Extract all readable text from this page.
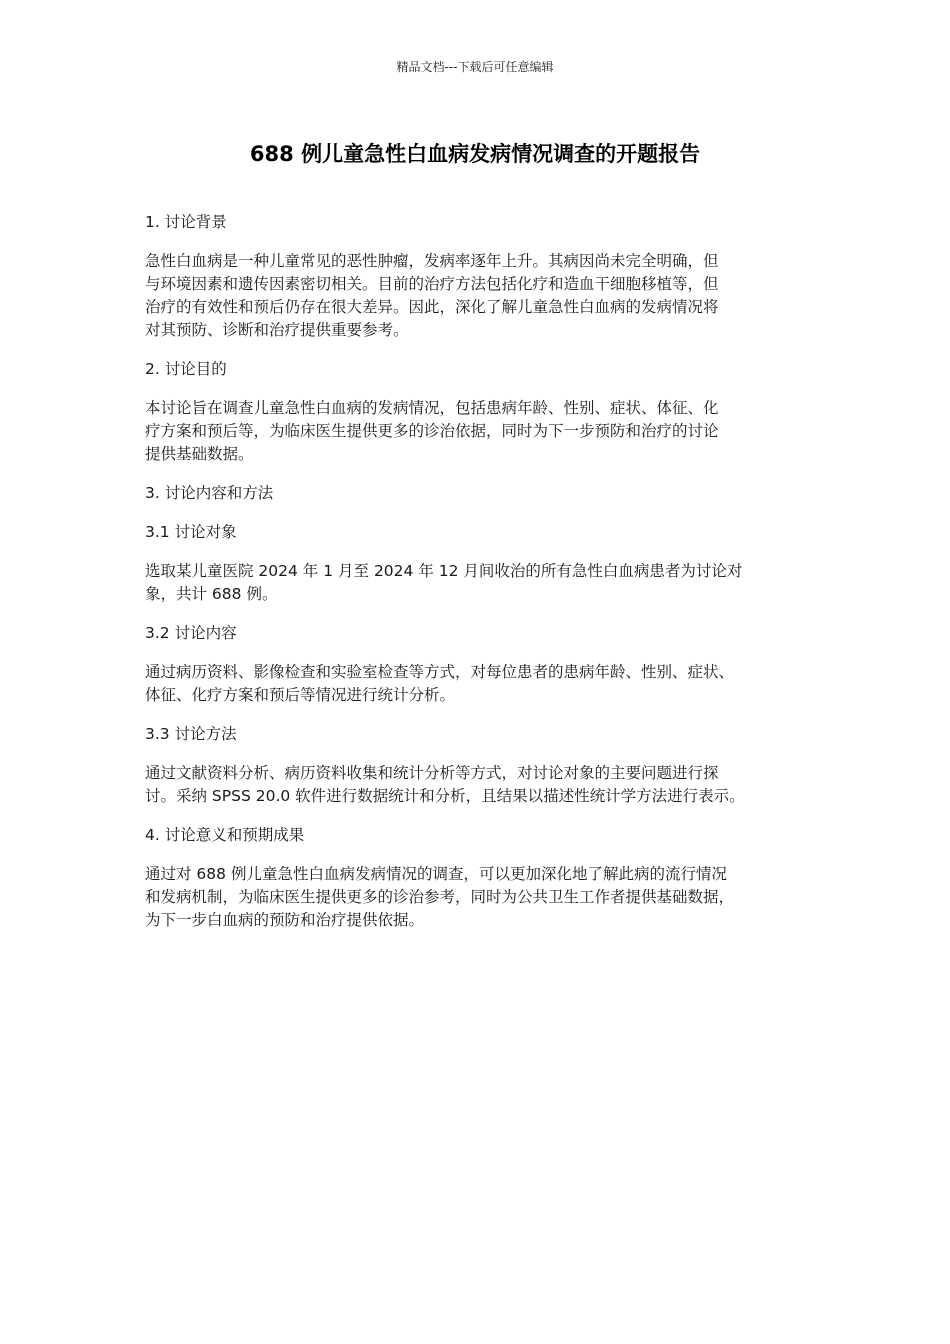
精品文档---下载后可任意编辑
688 例儿童急性白血病发病情况调查的开题报告
1. 讨论背景
急性白血病是一种儿童常见的恶性肿瘤，发病率逐年上升。其病因尚未完全明确，但
与环境因素和遗传因素密切相关。目前的治疗方法包括化疗和造血干细胞移植等，但
治疗的有效性和预后仍存在很大差异。因此，深化了解儿童急性白血病的发病情况将
对其预防、诊断和治疗提供重要参考。
2. 讨论目的
本讨论旨在调查儿童急性白血病的发病情况，包括患病年龄、性别、症状、体征、化
疗方案和预后等，为临床医生提供更多的诊治依据，同时为下一步预防和治疗的讨论
提供基础数据。
3. 讨论内容和方法
3.1 讨论对象
选取某儿童医院 2024 年 1 月至 2024 年 12 月间收治的所有急性白血病患者为讨论对
象，共计 688 例。
3.2 讨论内容
通过病历资料、影像检查和实验室检查等方式，对每位患者的患病年龄、性别、症状、
体征、化疗方案和预后等情况进行统计分析。
3.3 讨论方法
通过文献资料分析、病历资料收集和统计分析等方式，对讨论对象的主要问题进行探
讨。采纳 SPSS 20.0 软件进行数据统计和分析，且结果以描述性统计学方法进行表示。
4. 讨论意义和预期成果
通过对 688 例儿童急性白血病发病情况的调查，可以更加深化地了解此病的流行情况
和发病机制，为临床医生提供更多的诊治参考，同时为公共卫生工作者提供基础数据，
为下一步白血病的预防和治疗提供依据。
